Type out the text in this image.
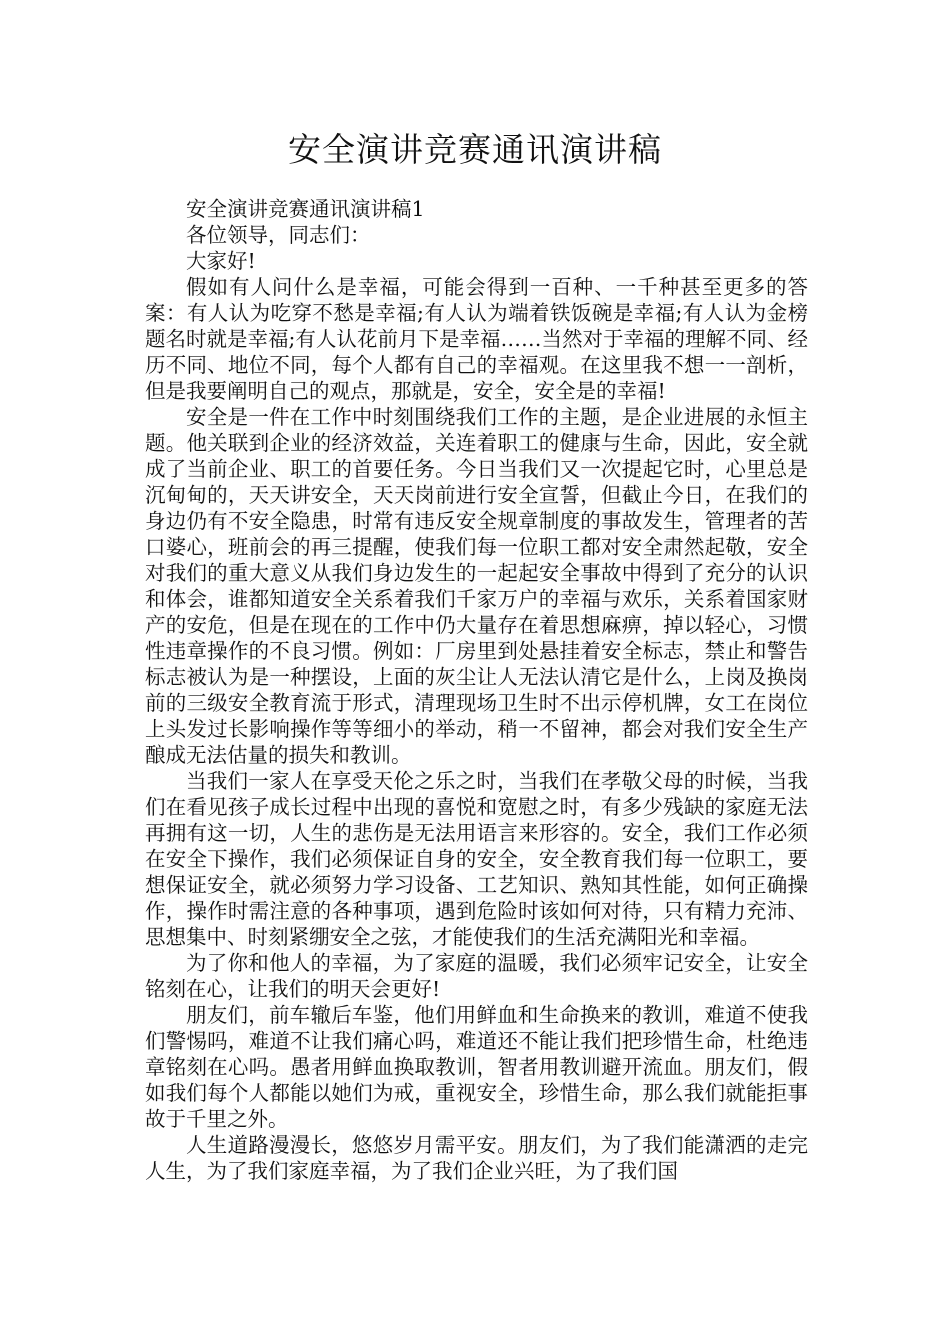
安全演讲竞赛通讯演讲稿

安全演讲竞赛通讯演讲稿1

各位领导，同志们：

大家好!

假如有人问什么是幸福，可能会得到一百种、一千种甚至更多的答案：有人认为吃穿不愁是幸福;有人认为端着铁饭碗是幸福;有人认为金榜题名时就是幸福;有人认花前月下是幸福……当然对于幸福的理解不同、经历不同、地位不同，每个人都有自己的幸福观。在这里我不想一一剖析，但是我要阐明自己的观点，那就是，安全，安全是的幸福!

安全是一件在工作中时刻围绕我们工作的主题，是企业进展的永恒主题。他关联到企业的经济效益，关连着职工的健康与生命，因此，安全就成了当前企业、职工的首要任务。今日当我们又一次提起它时，心里总是沉甸甸的，天天讲安全，天天岗前进行安全宣誓，但截止今日，在我们的身边仍有不安全隐患，时常有违反安全规章制度的事故发生，管理者的苦口婆心，班前会的再三提醒，使我们每一位职工都对安全肃然起敬，安全对我们的重大意义从我们身边发生的一起起安全事故中得到了充分的认识和体会，谁都知道安全关系着我们千家万户的幸福与欢乐，关系着国家财产的安危，但是在现在的工作中仍大量存在着思想麻痹，掉以轻心，习惯性违章操作的不良习惯。例如：厂房里到处悬挂着安全标志，禁止和警告标志被认为是一种摆设，上面的灰尘让人无法认清它是什么，上岗及换岗前的三级安全教育流于形式，清理现场卫生时不出示停机牌，女工在岗位上头发过长影响操作等等细小的举动，稍一不留神，都会对我们安全生产酿成无法估量的损失和教训。

当我们一家人在享受天伦之乐之时，当我们在孝敬父母的时候，当我们在看见孩子成长过程中出现的喜悦和宽慰之时，有多少残缺的家庭无法再拥有这一切，人生的悲伤是无法用语言来形容的。安全，我们工作必须在安全下操作，我们必须保证自身的安全，安全教育我们每一位职工，要想保证安全，就必须努力学习设备、工艺知识、熟知其性能，如何正确操作，操作时需注意的各种事项，遇到危险时该如何对待，只有精力充沛、思想集中、时刻紧绷安全之弦，才能使我们的生活充满阳光和幸福。

为了你和他人的幸福，为了家庭的温暖，我们必须牢记安全，让安全铭刻在心，让我们的明天会更好!

朋友们，前车辙后车鉴，他们用鲜血和生命换来的教训，难道不使我们警惕吗，难道不让我们痛心吗，难道还不能让我们把珍惜生命，杜绝违章铭刻在心吗。愚者用鲜血换取教训，智者用教训避开流血。朋友们，假如我们每个人都能以她们为戒，重视安全，珍惜生命，那么我们就能拒事故于千里之外。

人生道路漫漫长，悠悠岁月需平安。朋友们，为了我们能潇洒的走完人生，为了我们家庭幸福，为了我们企业兴旺，为了我们国
